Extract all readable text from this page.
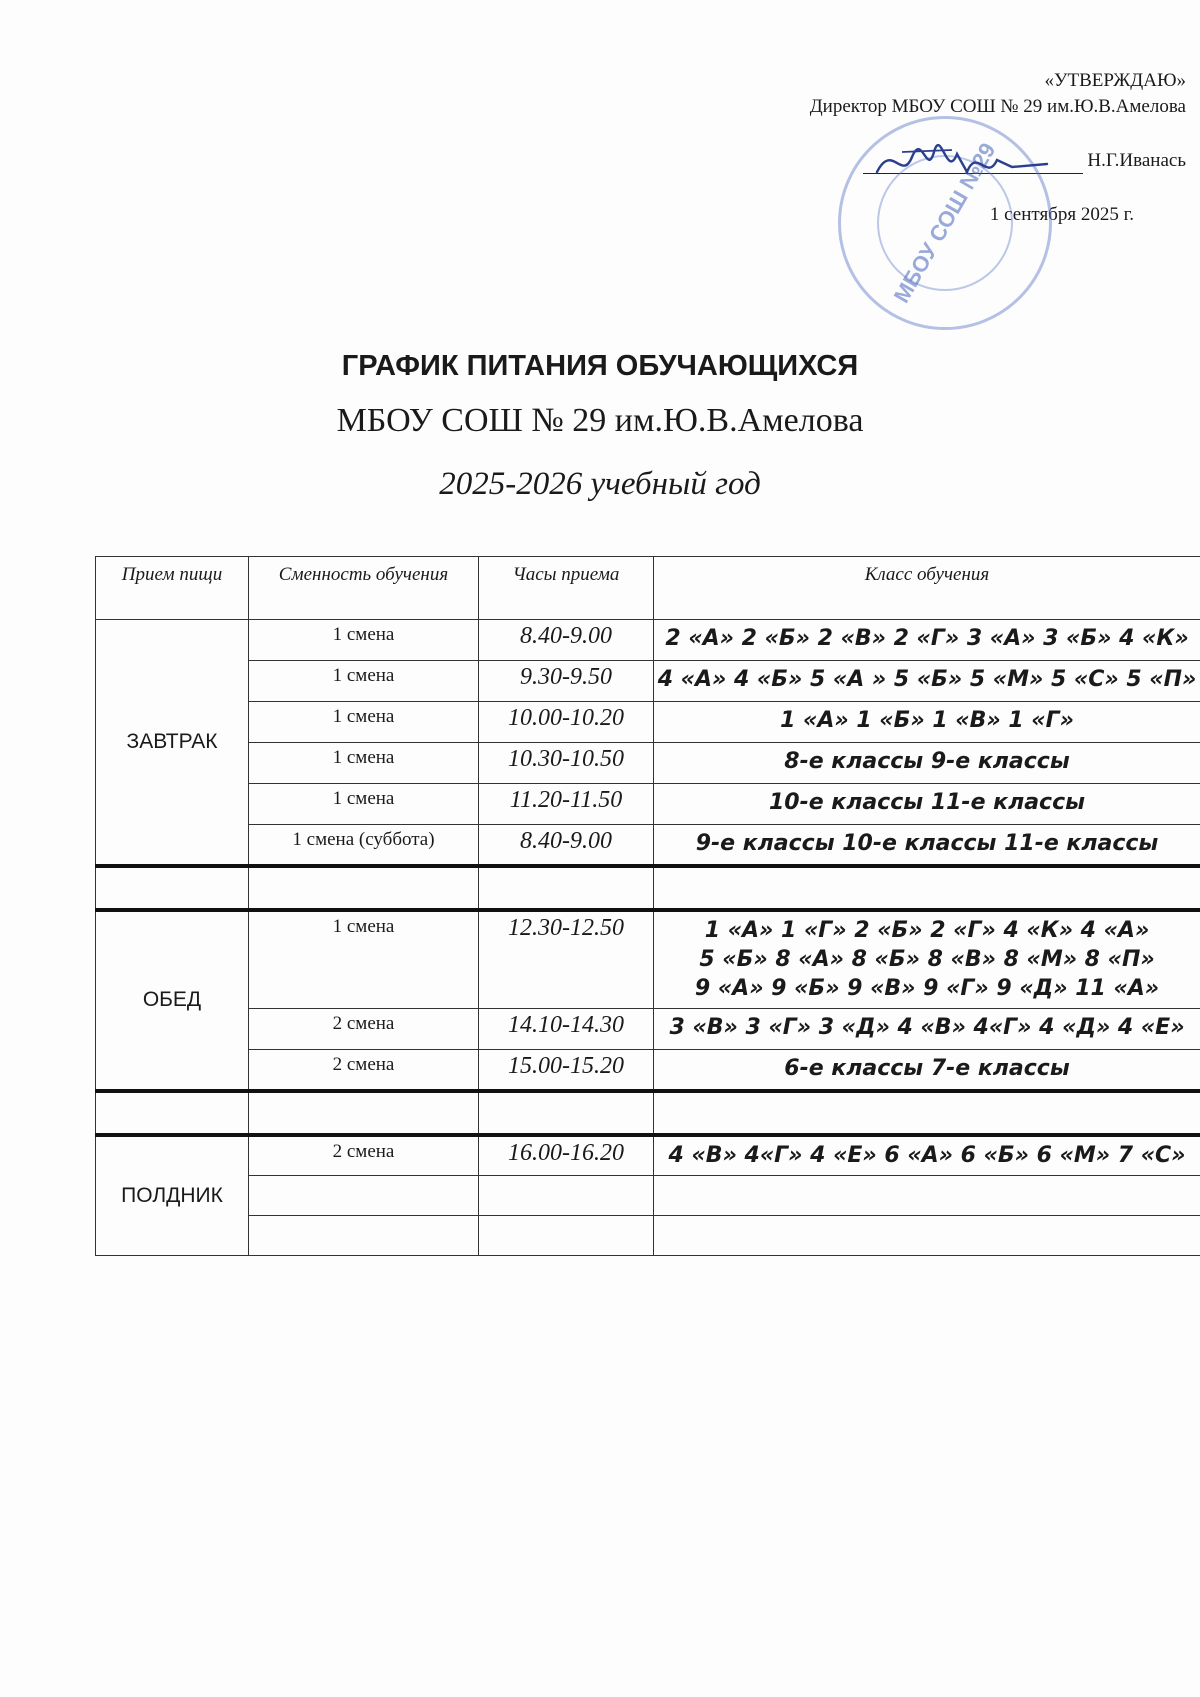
«УТВЕРЖДАЮ»
Директор МБОУ СОШ № 29 им.Ю.В.Амелова
Н.Г.Иванась
1 сентября 2025 г.
МБОУ СОШ №29
ГРАФИК ПИТАНИЯ ОБУЧАЮЩИХСЯ
МБОУ СОШ № 29 им.Ю.В.Амелова
2025-2026 учебный год
Прием пищи	Сменность обучения	Часы приема	Класс обучения
ЗАВТРАК	1 смена	8.40-9.00	2 «А» 2 «Б» 2 «В» 2 «Г» 3 «А» 3 «Б» 4 «К»
	1 смена	9.30-9.50	4 «А» 4 «Б» 5 «А » 5 «Б» 5 «М» 5 «С» 5 «П»
	1 смена	10.00-10.20	1 «А» 1 «Б» 1 «В» 1 «Г»
	1 смена	10.30-10.50	8-е классы 9-е классы
	1 смена	11.20-11.50	10-е классы 11-е классы
	1 смена (суббота)	8.40-9.00	9-е классы 10-е классы 11-е классы

ОБЕД	1 смена	12.30-12.50	1 «А» 1 «Г» 2 «Б» 2 «Г» 4 «К» 4 «А»
5 «Б» 8 «А» 8 «Б» 8 «В» 8 «М» 8 «П»
9 «А» 9 «Б» 9 «В» 9 «Г» 9 «Д» 11 «А»

	2 смена	14.10-14.30	3 «В» 3 «Г» 3 «Д» 4 «В» 4«Г» 4 «Д» 4 «Е»
	2 смена	15.00-15.20	6-е классы 7-е классы

ПОЛДНИК	2 смена	16.00-16.20	4 «В» 4«Г» 4 «Е» 6 «А» 6 «Б» 6 «М» 7 «С»
